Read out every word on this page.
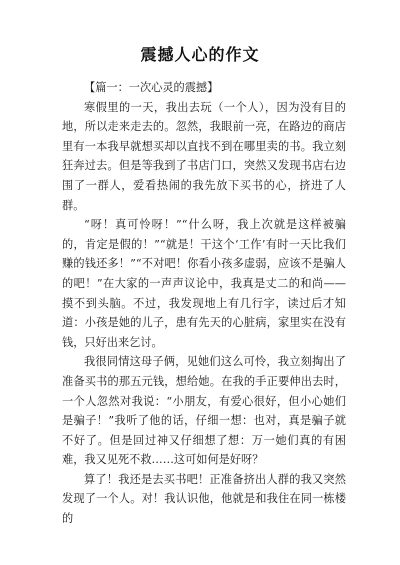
震撼人心的作文

【篇一：一次心灵的震撼】

寒假里的一天，我出去玩（一个人），因为没有目的地，所以走来走去的。忽然，我眼前一亮，在路边的商店里有一本我早就想买却以直找不到在哪里卖的书。我立刻狂奔过去。但是等我到了书店门口，突然又发现书店右边围了一群人，爱看热闹的我先放下买书的心，挤进了人群。

“呀！真可怜呀！”“什么呀，我上次就是这样被骗的，肯定是假的！”“就是！干这个‘工作’有时一天比我们赚的钱还多！”“不对吧！你看小孩多虚弱，应该不是骗人的吧！”在大家的一声声议论中，我真是丈二的和尚——摸不到头脑。不过，我发现地上有几行字，读过后才知道：小孩是她的儿子，患有先天的心脏病，家里实在没有钱，只好出来乞讨。

我很同情这母子俩，见她们这么可怜，我立刻掏出了准备买书的那五元钱，想给她。在我的手正要伸出去时，一个人忽然对我说：“小朋友，有爱心很好，但小心她们是骗子！”我听了他的话，仔细一想：也对，真是骗子就不好了。但是回过神又仔细想了想：万一她们真的有困难，我又见死不救……这可如何是好呀？

算了！我还是去买书吧！正准备挤出人群的我又突然发现了一个人。对！我认识他，他就是和我住在同一栋楼的
